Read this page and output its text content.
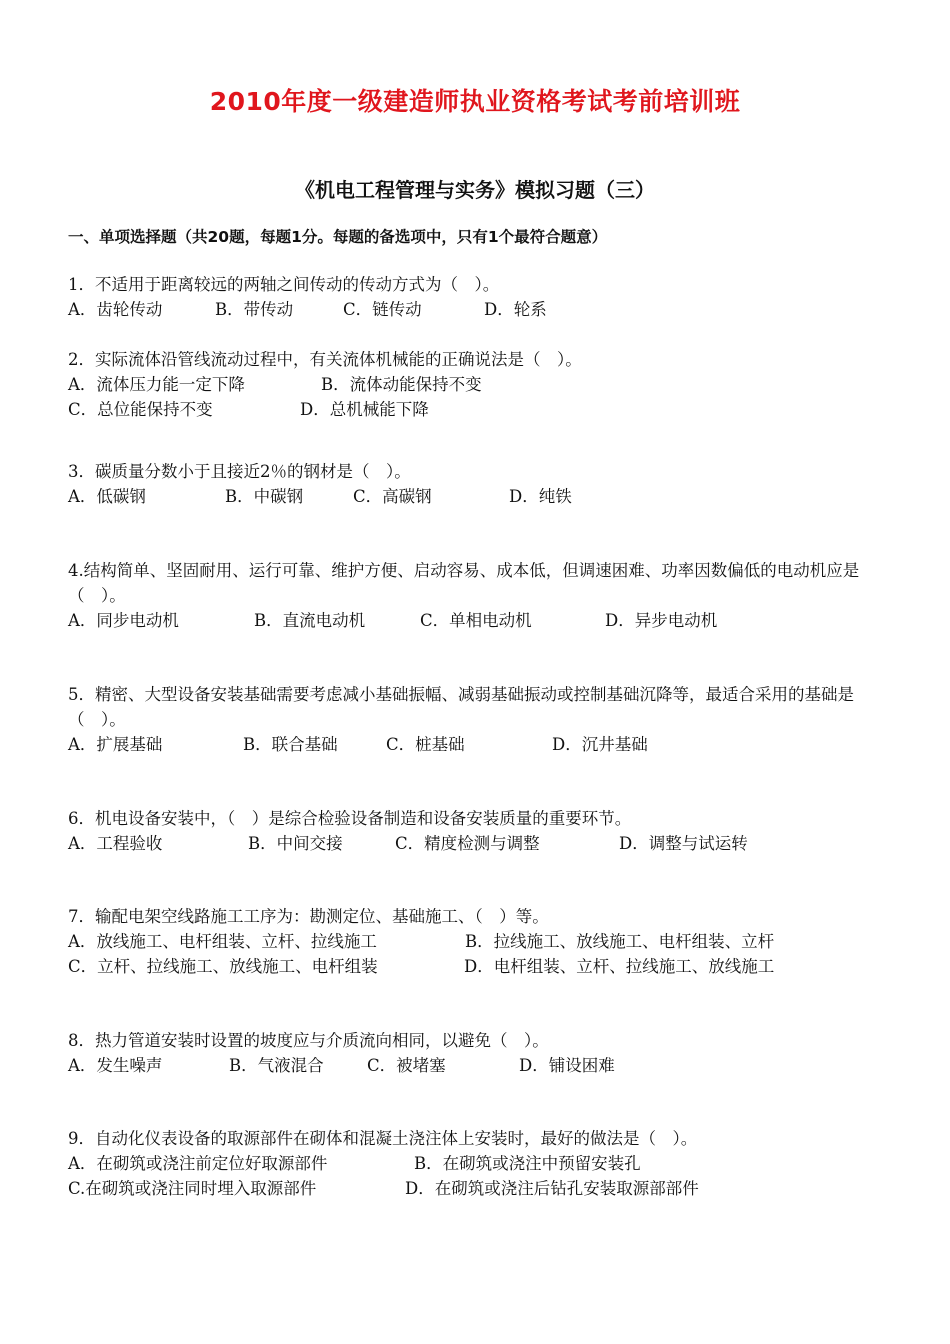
2010年度一级建造师执业资格考试考前培训班
《机电工程管理与实务》模拟习题（三）
一、单项选择题（共20题，每题1分。每题的备选项中，只有1个最符合题意）
1．不适用于距离较远的两轴之间传动的传动方式为（　）。
A．齿轮传动	B．带传动	C．链传动	D．轮系
2．实际流体沿管线流动过程中，有关流体机械能的正确说法是（　）。
A．流体压力能一定下降	B．流体动能保持不变
C．总位能保持不变	D．总机械能下降
3．碳质量分数小于且接近2％的钢材是（　）。
A．低碳钢	B．中碳钢	C．高碳钢	D．纯铁
4.结构简单、坚固耐用、运行可靠、维护方便、启动容易、成本低，但调速困难、功率因数偏低的电动机应是（　）。
A．同步电动机	B．直流电动机	C．单相电动机	D．异步电动机
5．精密、大型设备安装基础需要考虑减小基础振幅、减弱基础振动或控制基础沉降等，最适合采用的基础是（　）。
A．扩展基础	B．联合基础	C．桩基础	D．沉井基础
6．机电设备安装中，（　）是综合检验设备制造和设备安装质量的重要环节。
A．工程验收	B．中间交接	C．精度检测与调整	D．调整与试运转
7．输配电架空线路施工工序为：勘测定位、基础施工、（　）等。
A．放线施工、电杆组装、立杆、拉线施工	B．拉线施工、放线施工、电杆组装、立杆
C．立杆、拉线施工、放线施工、电杆组装	D．电杆组装、立杆、拉线施工、放线施工
8．热力管道安装时设置的坡度应与介质流向相同，以避免（　）。
A．发生噪声	B．气液混合	C．被堵塞	D．铺设困难
9．自动化仪表设备的取源部件在砌体和混凝土浇注体上安装时，最好的做法是（　）。
A．在砌筑或浇注前定位好取源部件	B．在砌筑或浇注中预留安装孔
C.在砌筑或浇注同时埋入取源部件	D．在砌筑或浇注后钻孔安装取源部部件
